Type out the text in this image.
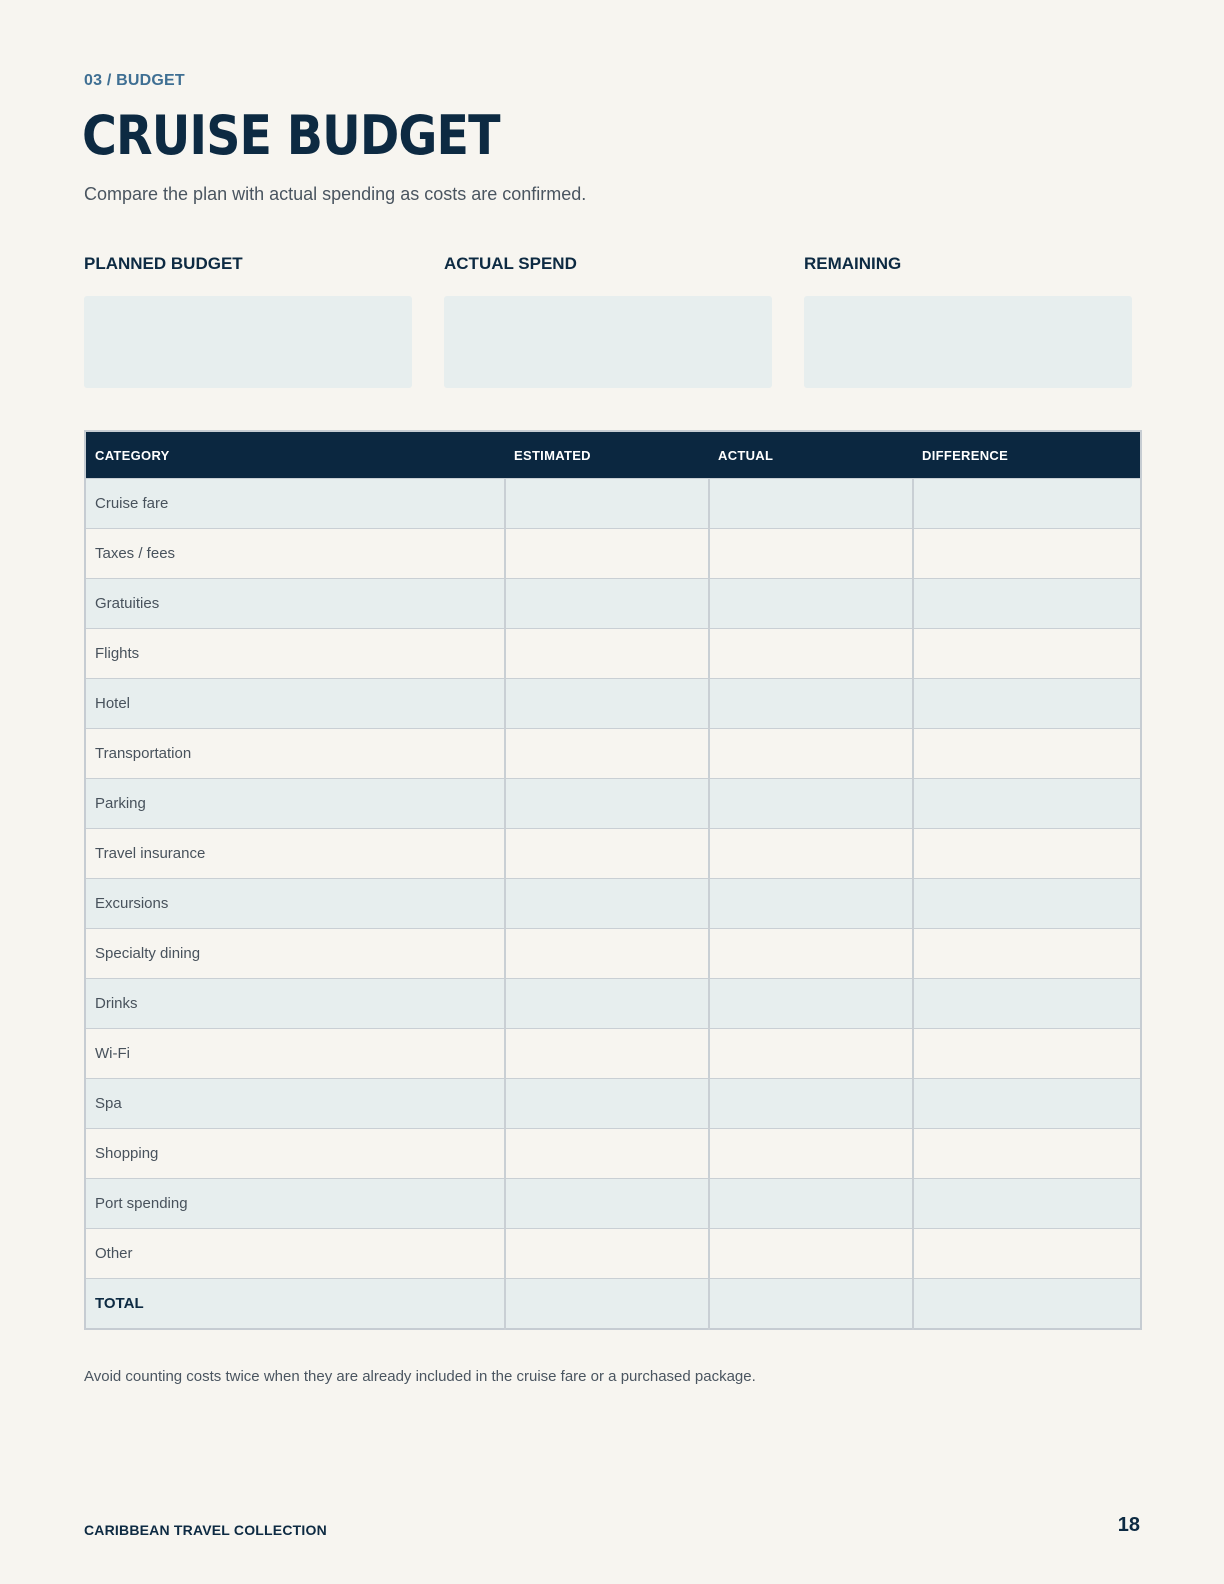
03 / BUDGET
CRUISE BUDGET
Compare the plan with actual spending as costs are confirmed.
PLANNED BUDGET	ACTUAL SPEND	REMAINING
CATEGORY	ESTIMATED	ACTUAL	DIFFERENCE
Cruise fare			
Taxes / fees			
Gratuities			
Flights			
Hotel			
Transportation			
Parking			
Travel insurance			
Excursions			
Specialty dining			
Drinks			
Wi-Fi			
Spa			
Shopping			
Port spending			
Other			
TOTAL			
Avoid counting costs twice when they are already included in the cruise fare or a purchased package.
CARIBBEAN TRAVEL COLLECTION	18
